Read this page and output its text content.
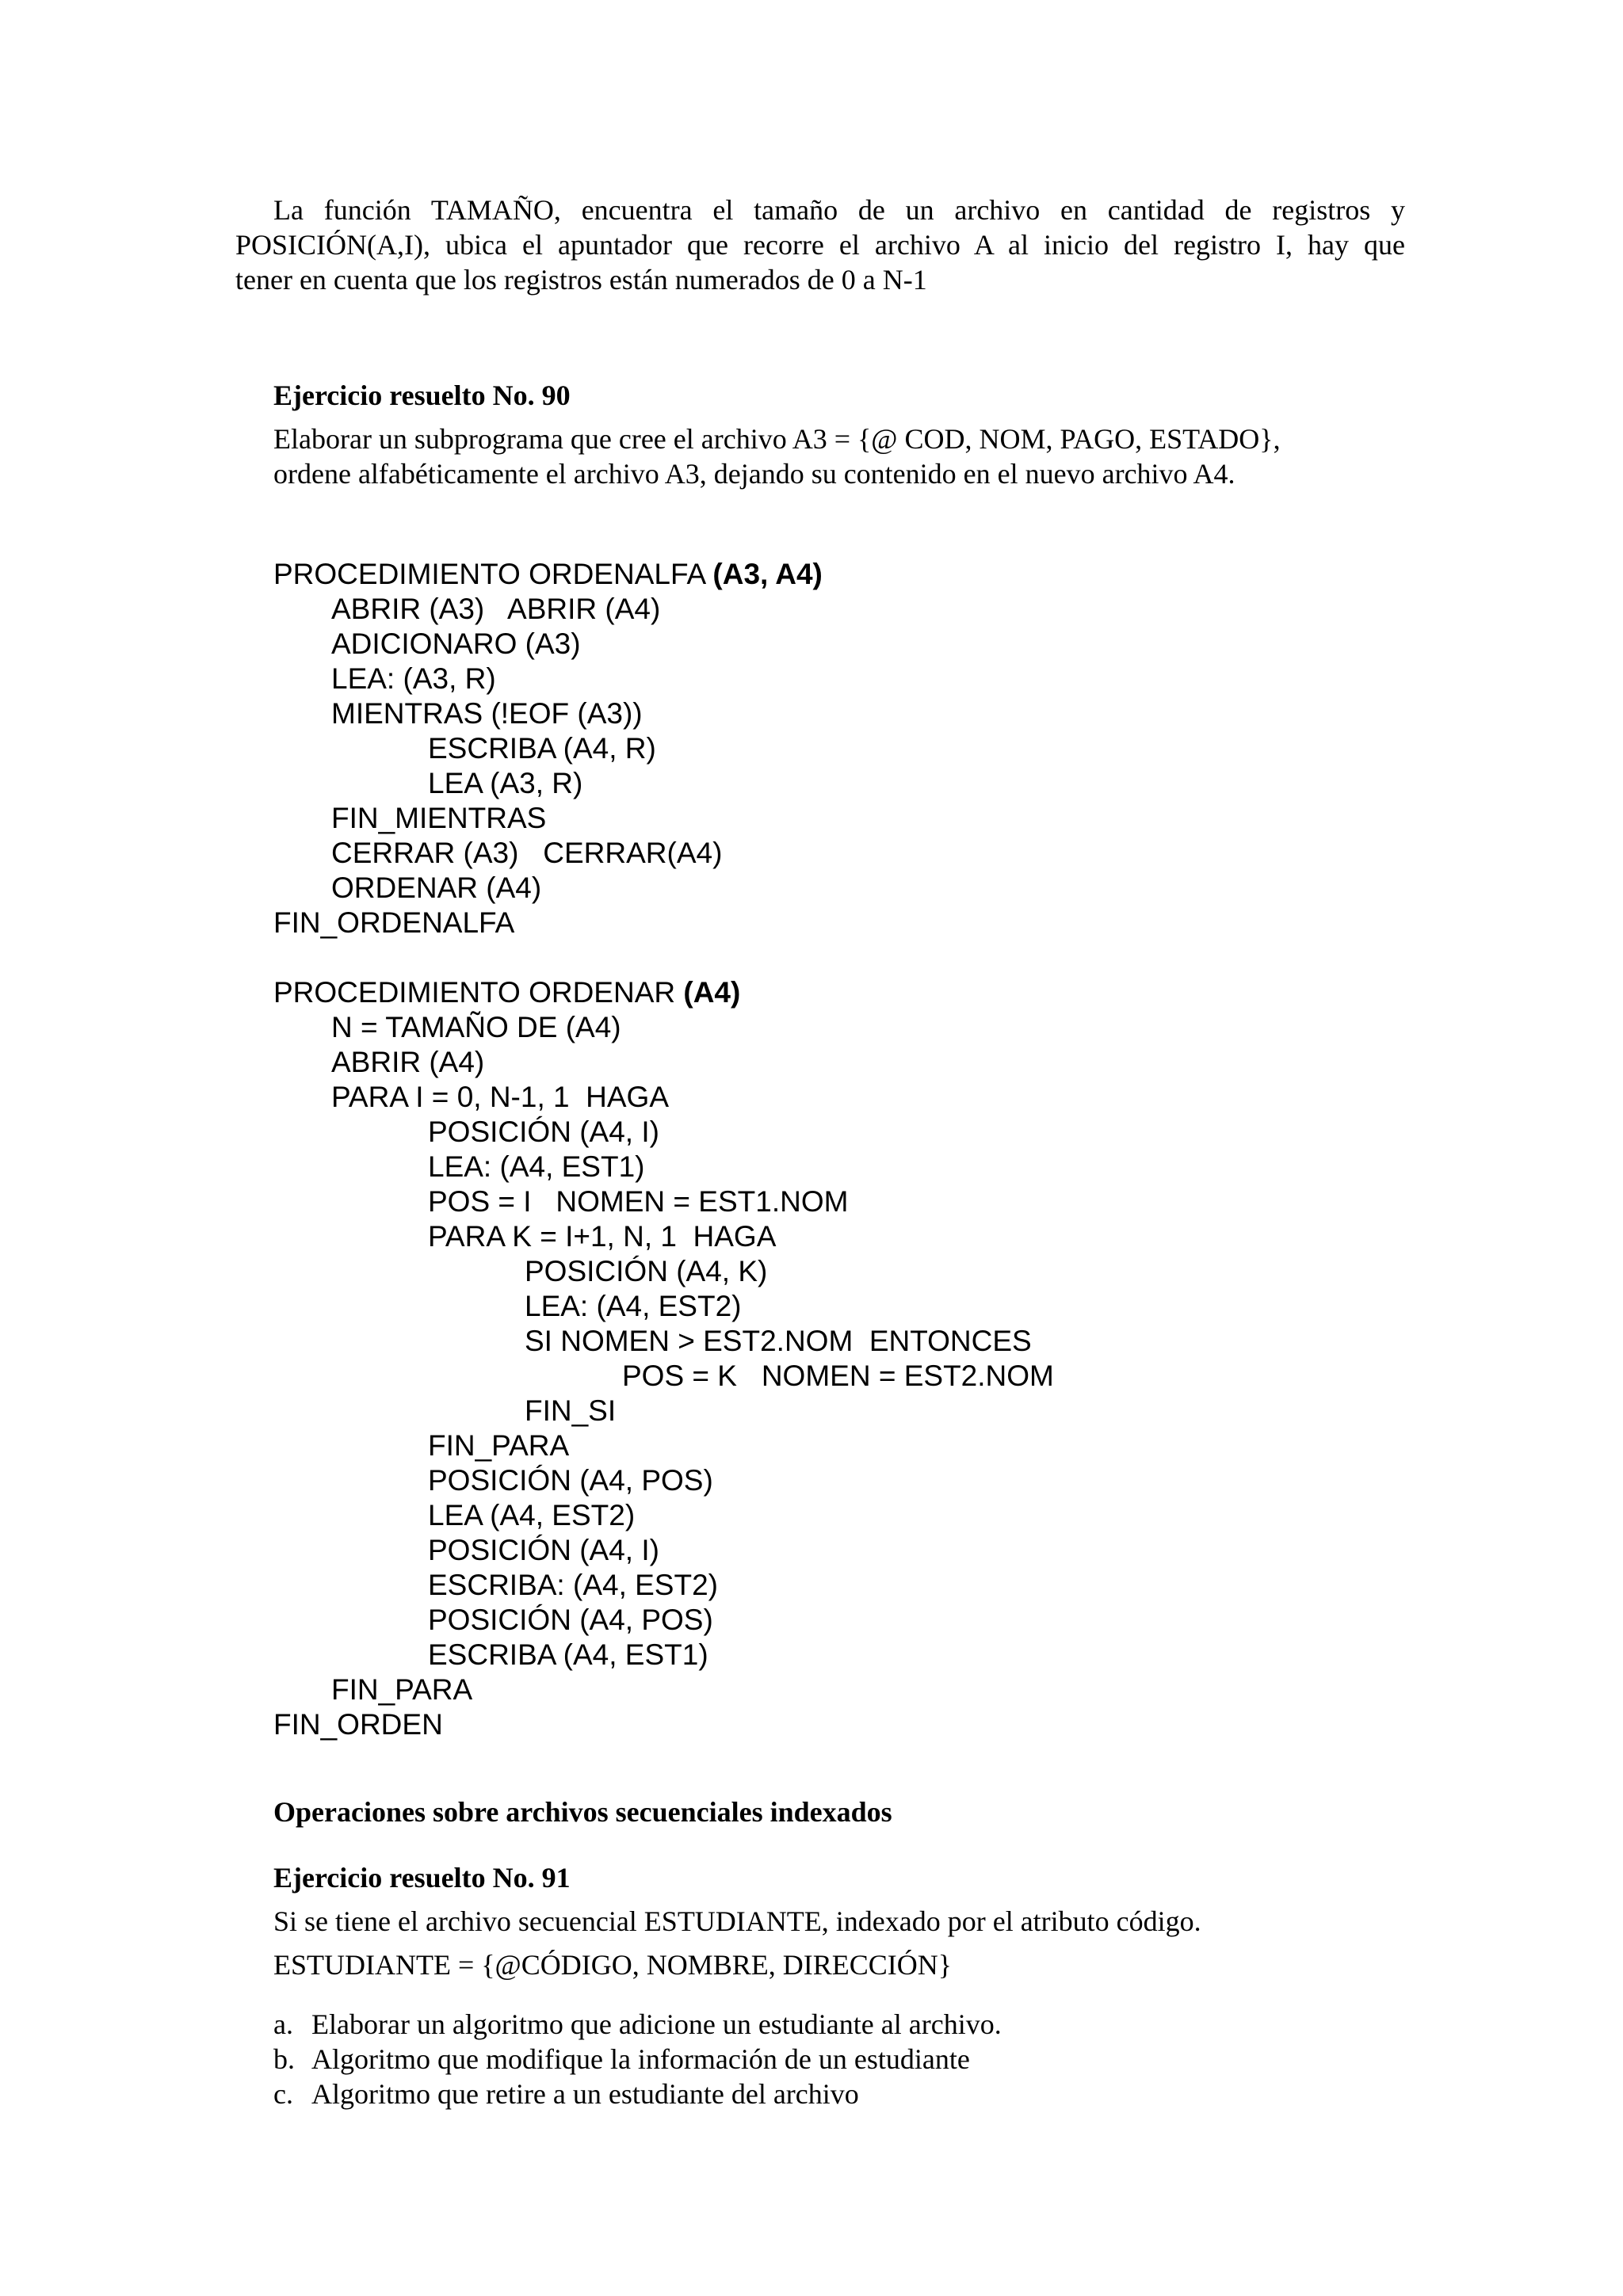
La función TAMAÑO, encuentra el tamaño de un archivo en cantidad de registros y
POSICIÓN(A,I), ubica el apuntador que recorre el archivo A al inicio del registro I, hay que
tener en cuenta que los registros están numerados de 0 a N-1
Ejercicio resuelto No. 90
Elaborar un subprograma que cree el archivo A3 = {@ COD, NOM, PAGO, ESTADO},
ordene alfabéticamente el archivo A3, dejando su contenido en el nuevo archivo A4.
PROCEDIMIENTO ORDENALFA (A3, A4)
ABRIR (A3)   ABRIR (A4)
ADICIONARO (A3)
LEA: (A3, R)
MIENTRAS (!EOF (A3))
ESCRIBA (A4, R)
LEA (A3, R)
FIN_MIENTRAS
CERRAR (A3)   CERRAR(A4)
ORDENAR (A4)
FIN_ORDENALFA
PROCEDIMIENTO ORDENAR (A4)
N = TAMAÑO DE (A4)
ABRIR (A4)
PARA I = 0, N-1, 1  HAGA
POSICIÓN (A4, I)
LEA: (A4, EST1)
POS = I   NOMEN = EST1.NOM
PARA K = I+1, N, 1  HAGA
POSICIÓN (A4, K)
LEA: (A4, EST2)
SI NOMEN > EST2.NOM  ENTONCES
POS = K   NOMEN = EST2.NOM
FIN_SI
FIN_PARA
POSICIÓN (A4, POS)
LEA (A4, EST2)
POSICIÓN (A4, I)
ESCRIBA: (A4, EST2)
POSICIÓN (A4, POS)
ESCRIBA (A4, EST1)
FIN_PARA
FIN_ORDEN
Operaciones sobre archivos secuenciales indexados
Ejercicio resuelto No. 91
Si se tiene el archivo secuencial ESTUDIANTE, indexado por el atributo código.
ESTUDIANTE = {@CÓDIGO, NOMBRE, DIRECCIÓN}
a. Elaborar un algoritmo que adicione un estudiante al archivo.
b. Algoritmo que modifique la información de un estudiante
c. Algoritmo que retire a un estudiante del archivo
